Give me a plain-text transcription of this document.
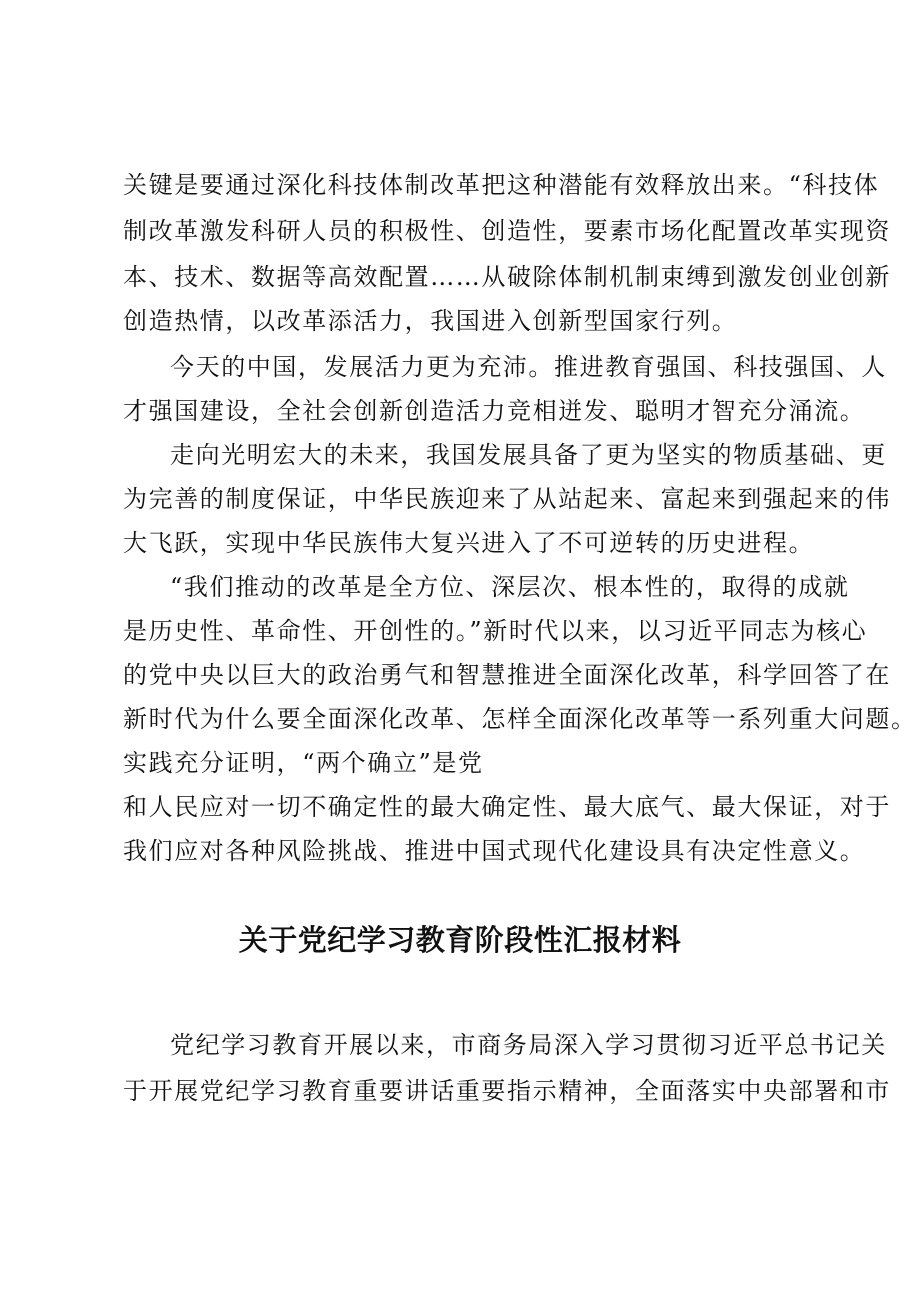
关键是要通过深化科技体制改革把这种潜能有效释放出来。“科技体
制改革激发科研人员的积极性、创造性，要素市场化配置改革实现资
本、技术、数据等高效配置……从破除体制机制束缚到激发创业创新
创造热情，以改革添活力，我国进入创新型国家行列。
今天的中国，发展活力更为充沛。推进教育强国、科技强国、人
才强国建设，全社会创新创造活力竞相迸发、聪明才智充分涌流。
走向光明宏大的未来，我国发展具备了更为坚实的物质基础、更
为完善的制度保证，中华民族迎来了从站起来、富起来到强起来的伟
大飞跃，实现中华民族伟大复兴进入了不可逆转的历史进程。
“我们推动的改革是全方位、深层次、根本性的，取得的成就
是历史性、革命性、开创性的。”新时代以来，以习近平同志为核心
的党中央以巨大的政治勇气和智慧推进全面深化改革，科学回答了在
新时代为什么要全面深化改革、怎样全面深化改革等一系列重大问题。
实践充分证明，“两个确立”是党
和人民应对一切不确定性的最大确定性、最大底气、最大保证，对于
我们应对各种风险挑战、推进中国式现代化建设具有决定性意义。
关于党纪学习教育阶段性汇报材料
党纪学习教育开展以来，市商务局深入学习贯彻习近平总书记关
于开展党纪学习教育重要讲话重要指示精神，全面落实中央部署和市
